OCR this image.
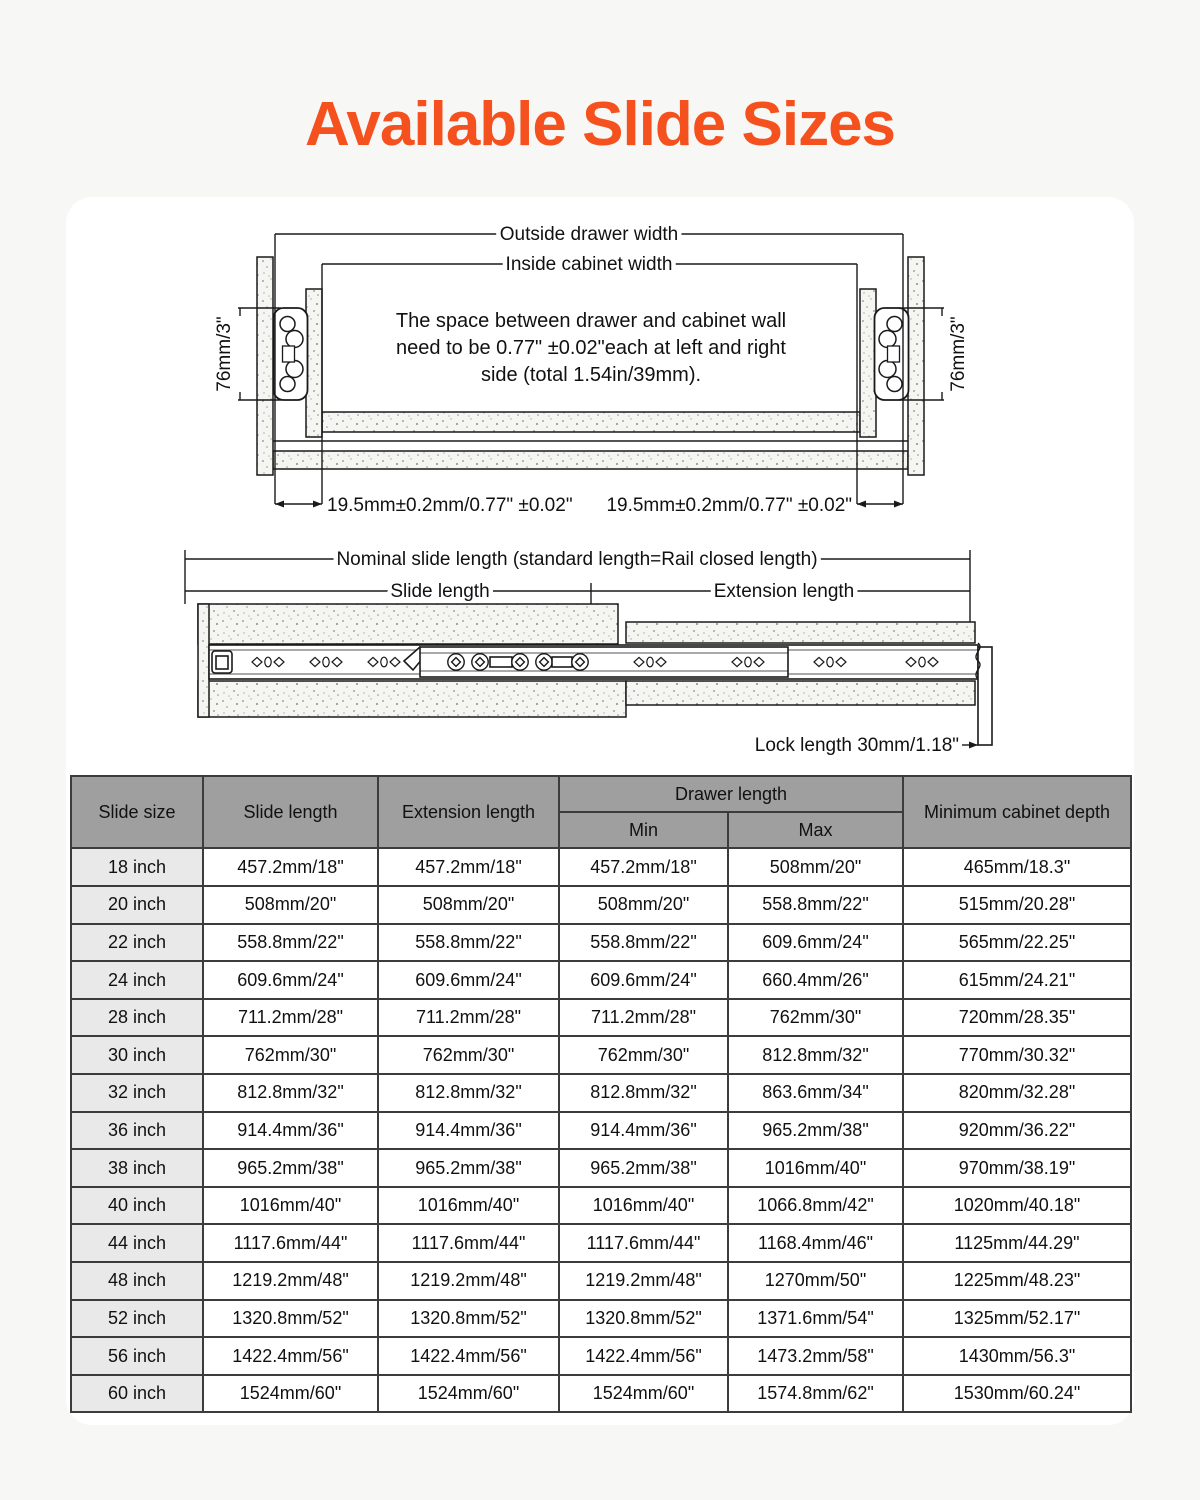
Available Slide Sizes
Outside drawer width
Inside cabinet width
The space between drawer and cabinet wall
need to be 0.77" ±0.02"each at left and right
side (total 1.54in/39mm).
76mm/3"	76mm/3"
19.5mm±0.2mm/0.77" ±0.02" 19.5mm±0.2mm/0.77" ±0.02"
Nominal slide length (standard length=Rail closed length)
Slide length	Extension length
Lock length 30mm/1.18"
Slide size	Slide length	Extension length	Drawer length		Minimum cabinet depth
			Min	Max	
18 inch	457.2mm/18"	457.2mm/18"	457.2mm/18"	508mm/20"	465mm/18.3"
20 inch	508mm/20"	508mm/20"	508mm/20"	558.8mm/22"	515mm/20.28"
22 inch	558.8mm/22"	558.8mm/22"	558.8mm/22"	609.6mm/24"	565mm/22.25"
24 inch	609.6mm/24"	609.6mm/24"	609.6mm/24"	660.4mm/26"	615mm/24.21"
28 inch	711.2mm/28"	711.2mm/28"	711.2mm/28"	762mm/30"	720mm/28.35"
30 inch	762mm/30"	762mm/30"	762mm/30"	812.8mm/32"	770mm/30.32"
32 inch	812.8mm/32"	812.8mm/32"	812.8mm/32"	863.6mm/34"	820mm/32.28"
36 inch	914.4mm/36"	914.4mm/36"	914.4mm/36"	965.2mm/38"	920mm/36.22"
38 inch	965.2mm/38"	965.2mm/38"	965.2mm/38"	1016mm/40"	970mm/38.19"
40 inch	1016mm/40"	1016mm/40"	1016mm/40"	1066.8mm/42"	1020mm/40.18"
44 inch	1117.6mm/44"	1117.6mm/44"	1117.6mm/44"	1168.4mm/46"	1125mm/44.29"
48 inch	1219.2mm/48"	1219.2mm/48"	1219.2mm/48"	1270mm/50"	1225mm/48.23"
52 inch	1320.8mm/52"	1320.8mm/52"	1320.8mm/52"	1371.6mm/54"	1325mm/52.17"
56 inch	1422.4mm/56"	1422.4mm/56"	1422.4mm/56"	1473.2mm/58"	1430mm/56.3"
60 inch	1524mm/60"	1524mm/60"	1524mm/60"	1574.8mm/62"	1530mm/60.24"
